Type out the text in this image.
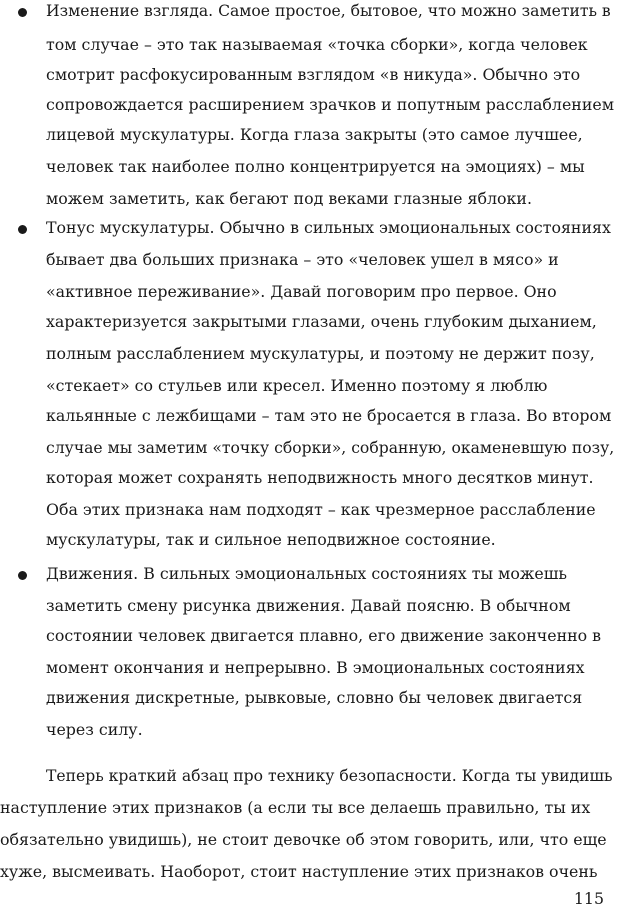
Изменение взгляда. Самое простое, бытовое, что можно заметить в
том случае – это так называемая «точка сборки», когда человек
смотрит расфокусированным взглядом «в никуда». Обычно это
сопровождается расширением зрачков и попутным расслаблением
лицевой мускулатуры. Когда глаза закрыты (это самое лучшее,
человек так наиболее полно концентрируется на эмоциях) – мы
можем заметить, как бегают под веками глазные яблоки.
Тонус мускулатуры. Обычно в сильных эмоциональных состояниях
бывает два больших признака – это «человек ушел в мясо» и
«активное переживание». Давай поговорим про первое. Оно
характеризуется закрытыми глазами, очень глубоким дыханием,
полным расслаблением мускулатуры, и поэтому не держит позу,
«стекает» со стульев или кресел. Именно поэтому я люблю
кальянные с лежбищами – там это не бросается в глаза. Во втором
случае мы заметим «точку сборки», собранную, окаменевшую позу,
которая может сохранять неподвижность много десятков минут.
Оба этих признака нам подходят – как чрезмерное расслабление
мускулатуры, так и сильное неподвижное состояние.
Движения. В сильных эмоциональных состояниях ты можешь
заметить смену рисунка движения. Давай поясню. В обычном
состоянии человек двигается плавно, его движение законченно в
момент окончания и непрерывно. В эмоциональных состояниях
движения дискретные, рывковые, словно бы человек двигается
через силу.
Теперь краткий абзац про технику безопасности. Когда ты увидишь
наступление этих признаков (а если ты все делаешь правильно, ты их
обязательно увидишь), не стоит девочке об этом говорить, или, что еще
хуже, высмеивать. Наоборот, стоит наступление этих признаков очень
115
